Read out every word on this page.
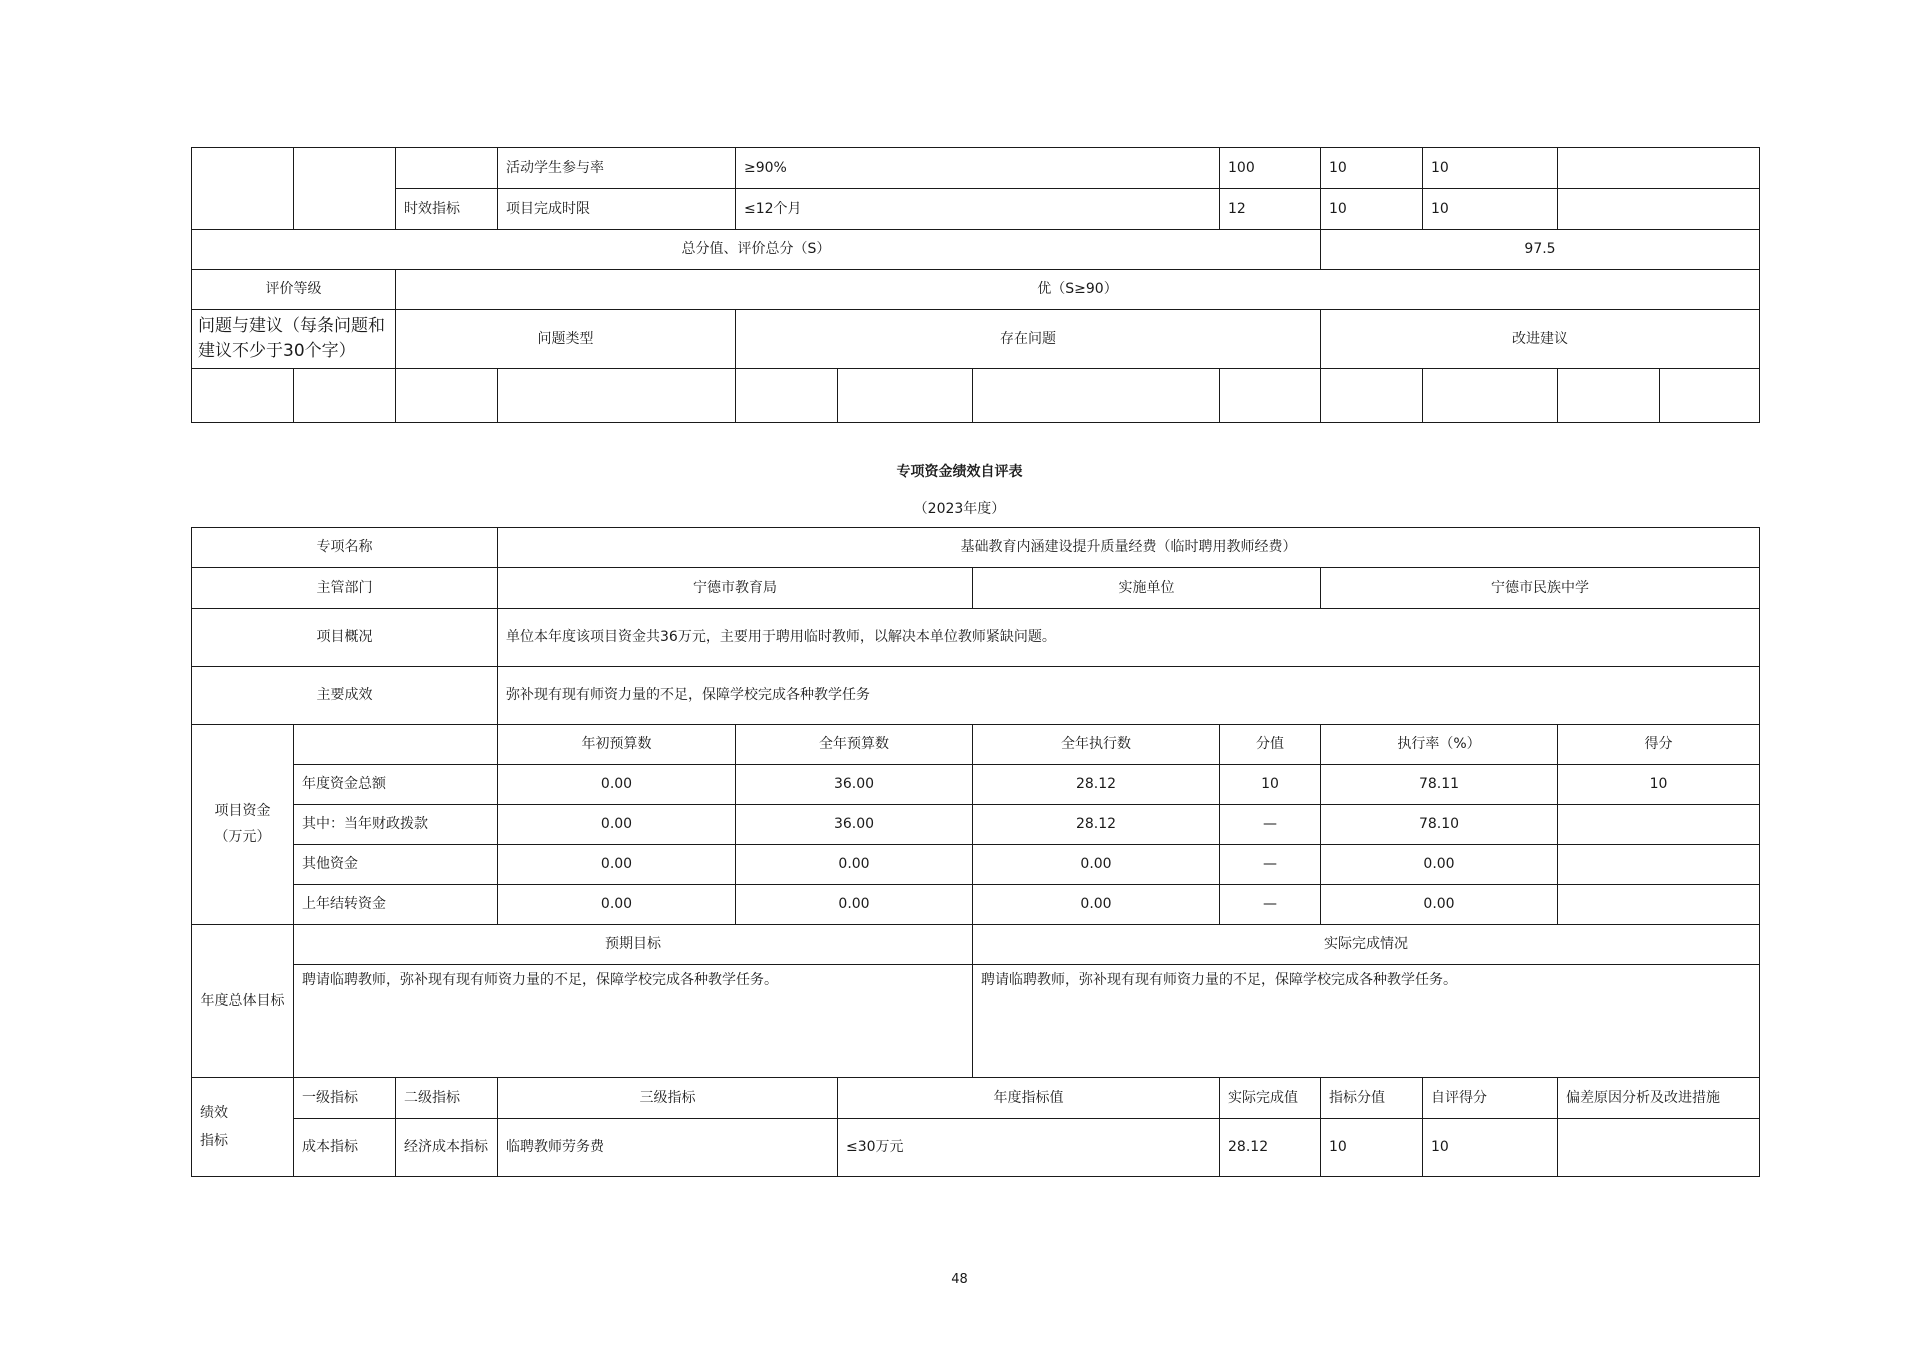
			活动学生参与率	≥90%			100	10	10		
		时效指标	项目完成时限	≤12个月			12	10	10		
总分值、评价总分（S）								97.5			
评价等级		优（S≥90）									
问题与建议（每条问题和建议不少于30个字）		问题类型		存在问题				改进建议			

专项资金绩效自评表
（2023年度）
专项名称			基础教育内涵建设提升质量经费（临时聘用教师经费）							
主管部门			宁德市教育局			实施单位		宁德市民族中学		
项目概况			单位本年度该项目资金共36万元，主要用于聘用临时教师，以解决本单位教师紧缺问题。							
主要成效			弥补现有现有师资力量的不足，保障学校完成各种教学任务							
项目资金
（万元）			年初预算数	全年预算数		全年执行数	分值	执行率（%）		得分
	年度资金总额		0.00	36.00		28.12	10	78.11		10
	其中：当年财政拨款		0.00	36.00		28.12	—	78.10		
	其他资金		0.00	0.00		0.00	—	0.00		
	上年结转资金		0.00	0.00		0.00	—	0.00		
年度总体目标	预期目标					实际完成情况				
	聘请临聘教师，弥补现有现有师资力量的不足，保障学校完成各种教学任务。					聘请临聘教师，弥补现有现有师资力量的不足，保障学校完成各种教学任务。				
绩效
指标	一级指标	二级指标	三级指标		年度指标值		实际完成值	指标分值	自评得分	偏差原因分析及改进措施
	成本指标	经济成本指标	临聘教师劳务费		≤30万元		28.12	10	10	
48
